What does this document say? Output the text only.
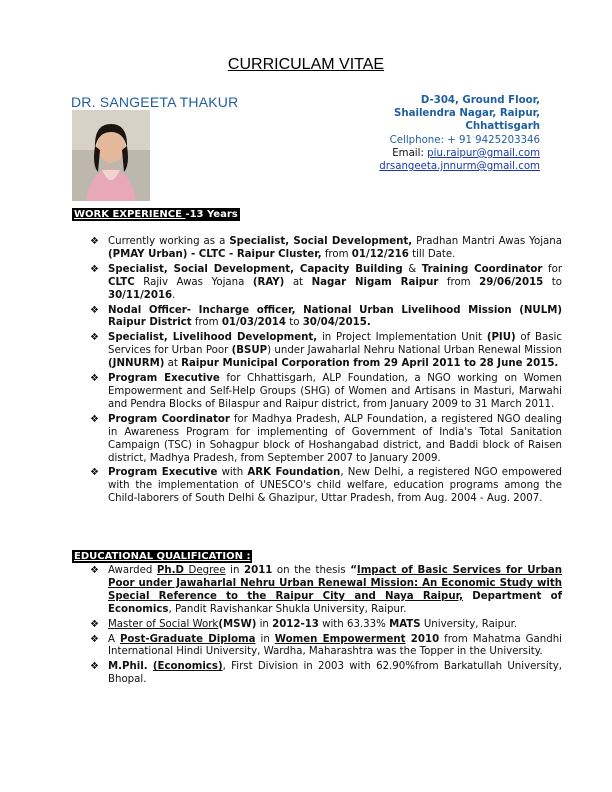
CURRICULAM VITAE
DR. SANGEETA THAKUR	D-304, Ground Floor,
Shailendra Nagar, Raipur,
Chhattisgarh
Cellphone: + 91 9425203346
Email: piu.raipur@gmail.com
drsangeeta.jnnurm@gmail.com
WORK EXPERIENCE -13 Years
❖ Currently working as a Specialist, Social Development, Pradhan Mantri Awas Yojana (PMAY Urban) - CLTC - Raipur Cluster, from 01/12/216 till Date.
❖ Specialist, Social Development, Capacity Building & Training Coordinator for CLTC Rajiv Awas Yojana (RAY) at Nagar Nigam Raipur from 29/06/2015 to 30/11/2016.
❖ Nodal Officer- Incharge officer, National Urban Livelihood Mission (NULM) Raipur District from 01/03/2014 to 30/04/2015.
❖ Specialist, Livelihood Development, in Project Implementation Unit (PIU) of Basic Services for Urban Poor (BSUP) under Jawaharlal Nehru National Urban Renewal Mission (JNNURM) at Raipur Municipal Corporation from 29 April 2011 to 28 June 2015.
❖ Program Executive for Chhattisgarh, ALP Foundation, a NGO working on Women Empowerment and Self-Help Groups (SHG) of Women and Artisans in Masturi, Marwahi and Pendra Blocks of Bilaspur and Raipur district, from January 2009 to 31 March 2011.
❖ Program Coordinator for Madhya Pradesh, ALP Foundation, a registered NGO dealing in Awareness Program for implementing of Government of India's Total Sanitation Campaign (TSC) in Sohagpur block of Hoshangabad district, and Baddi block of Raisen district, Madhya Pradesh, from September 2007 to January 2009.
❖ Program Executive with ARK Foundation, New Delhi, a registered NGO empowered with the implementation of UNESCO's child welfare, education programs among the Child-laborers of South Delhi & Ghazipur, Uttar Pradesh, from Aug. 2004 - Aug. 2007.
EDUCATIONAL QUALIFICATION :
❖ Awarded Ph.D Degree in 2011 on the thesis “Impact of Basic Services for Urban Poor under Jawaharlal Nehru Urban Renewal Mission: An Economic Study with Special Reference to the Raipur City and Naya Raipur, Department of Economics, Pandit Ravishankar Shukla University, Raipur.
❖ Master of Social Work(MSW) in 2012-13 with 63.33% MATS University, Raipur.
❖ A Post-Graduate Diploma in Women Empowerment 2010 from Mahatma Gandhi International Hindi University, Wardha, Maharashtra was the Topper in the University.
❖ M.Phil. (Economics), First Division in 2003 with 62.90%from Barkatullah University, Bhopal.
